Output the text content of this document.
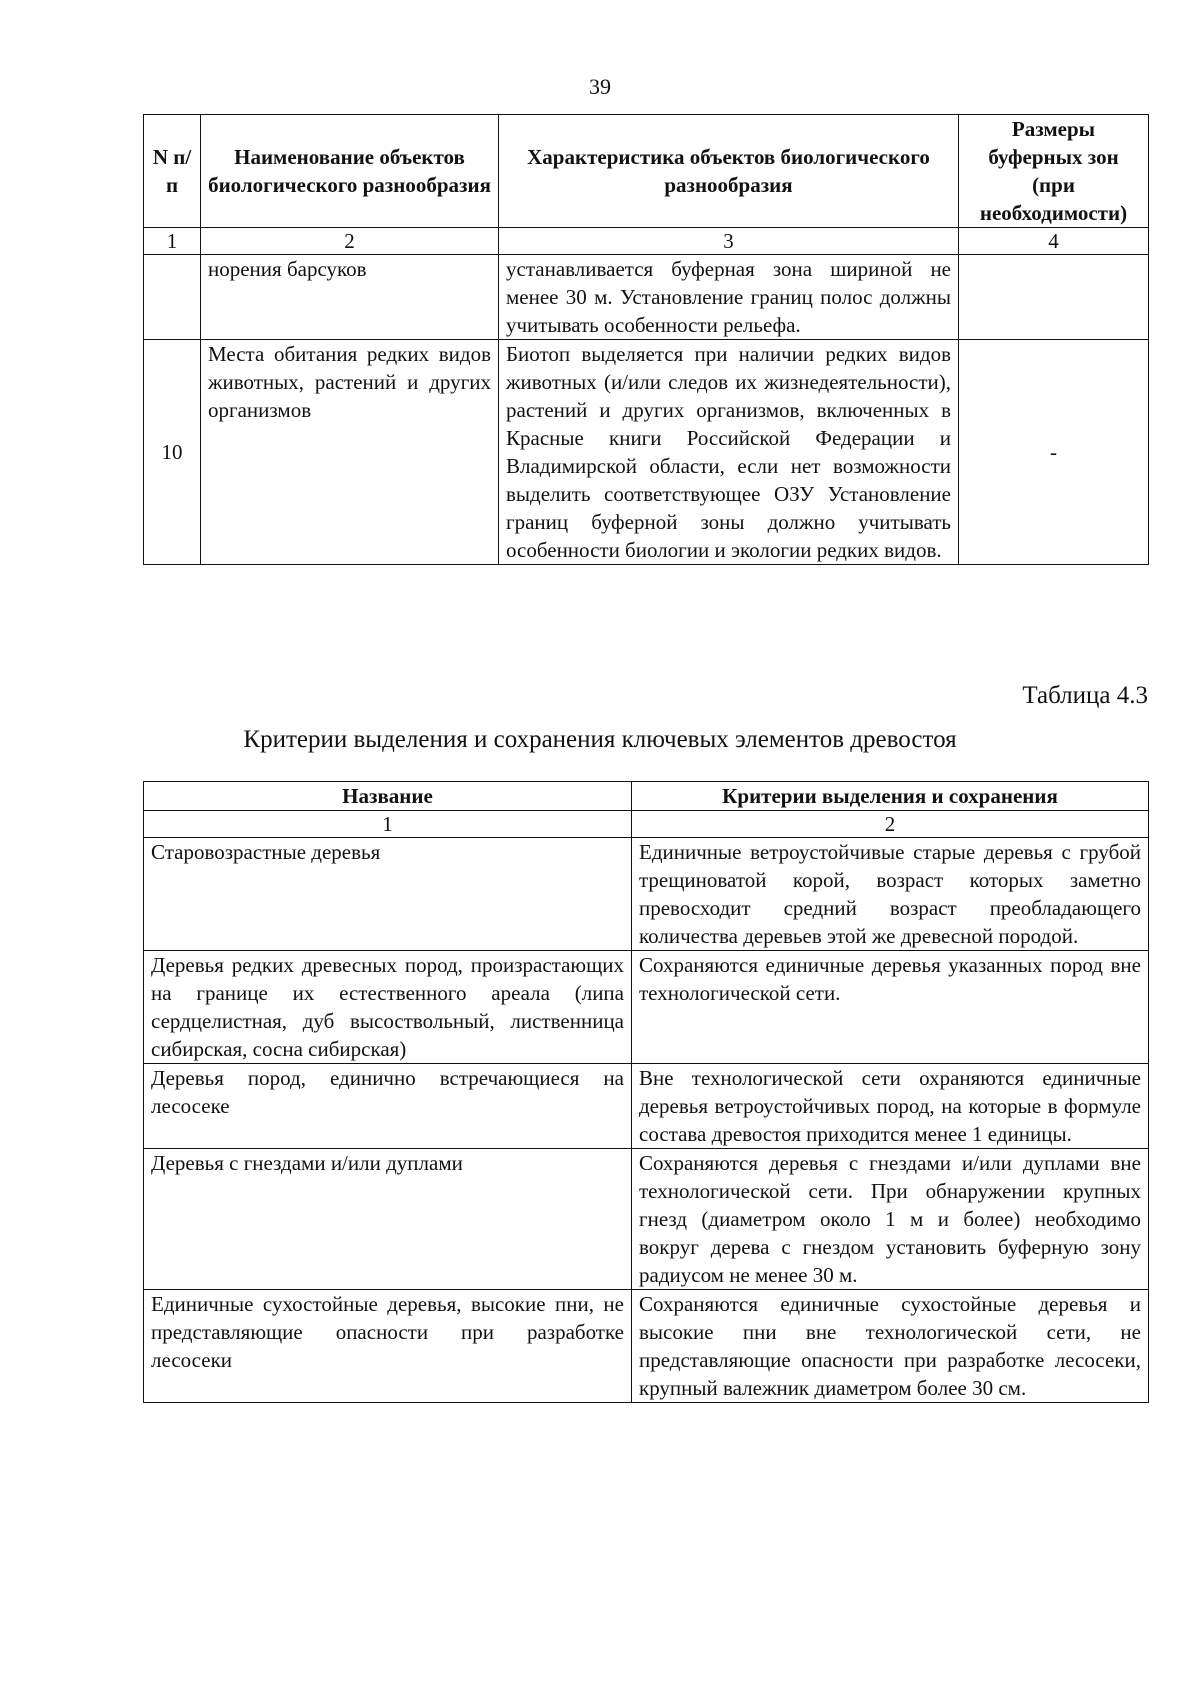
39
N п/п	Наименование объектов биологического разнообразия	Характеристика объектов биологического разнообразия	Размеры буферных зон (при необходимости)
1	2	3	4
	норения барсуков	устанавливается буферная зона шириной не менее 30 м. Установление границ полос должны учитывать особенности рельефа.	
10	Места обитания редких видов животных, растений и других организмов	Биотоп выделяется при наличии редких видов животных (и/или следов их жизнедеятельности), растений и других организмов, включенных в Красные книги Российской Федерации и Владимирской области, если нет возможности выделить соответствующее ОЗУ Установление границ буферной зоны должно учитывать особенности биологии и экологии редких видов.	-
Таблица 4.3
Критерии выделения и сохранения ключевых элементов древостоя
Название	Критерии выделения и сохранения
1	2
Старовозрастные деревья	Единичные ветроустойчивые старые деревья с грубой трещиноватой корой, возраст которых заметно превосходит средний возраст преобладающего количества деревьев этой же древесной породой.
Деревья редких древесных пород, произрастающих на границе их естественного ареала (липа сердцелистная, дуб высоствольный, лиственница сибирская, сосна сибирская)	Сохраняются единичные деревья указанных пород вне технологической сети.
Деревья пород, единично встречающиеся на лесосеке	Вне технологической сети охраняются единичные деревья ветроустойчивых пород, на которые в формуле состава древостоя приходится менее 1 единицы.
Деревья с гнездами и/или дуплами	Сохраняются деревья с гнездами и/или дуплами вне технологической сети. При обнаружении крупных гнезд (диаметром около 1 м и более) необходимо вокруг дерева с гнездом установить буферную зону радиусом не менее 30 м.
Единичные сухостойные деревья, высокие пни, не представляющие опасности при разработке лесосеки	Сохраняются единичные сухостойные деревья и высокие пни вне технологической сети, не представляющие опасности при разработке лесосеки, крупный валежник диаметром более 30 см.
